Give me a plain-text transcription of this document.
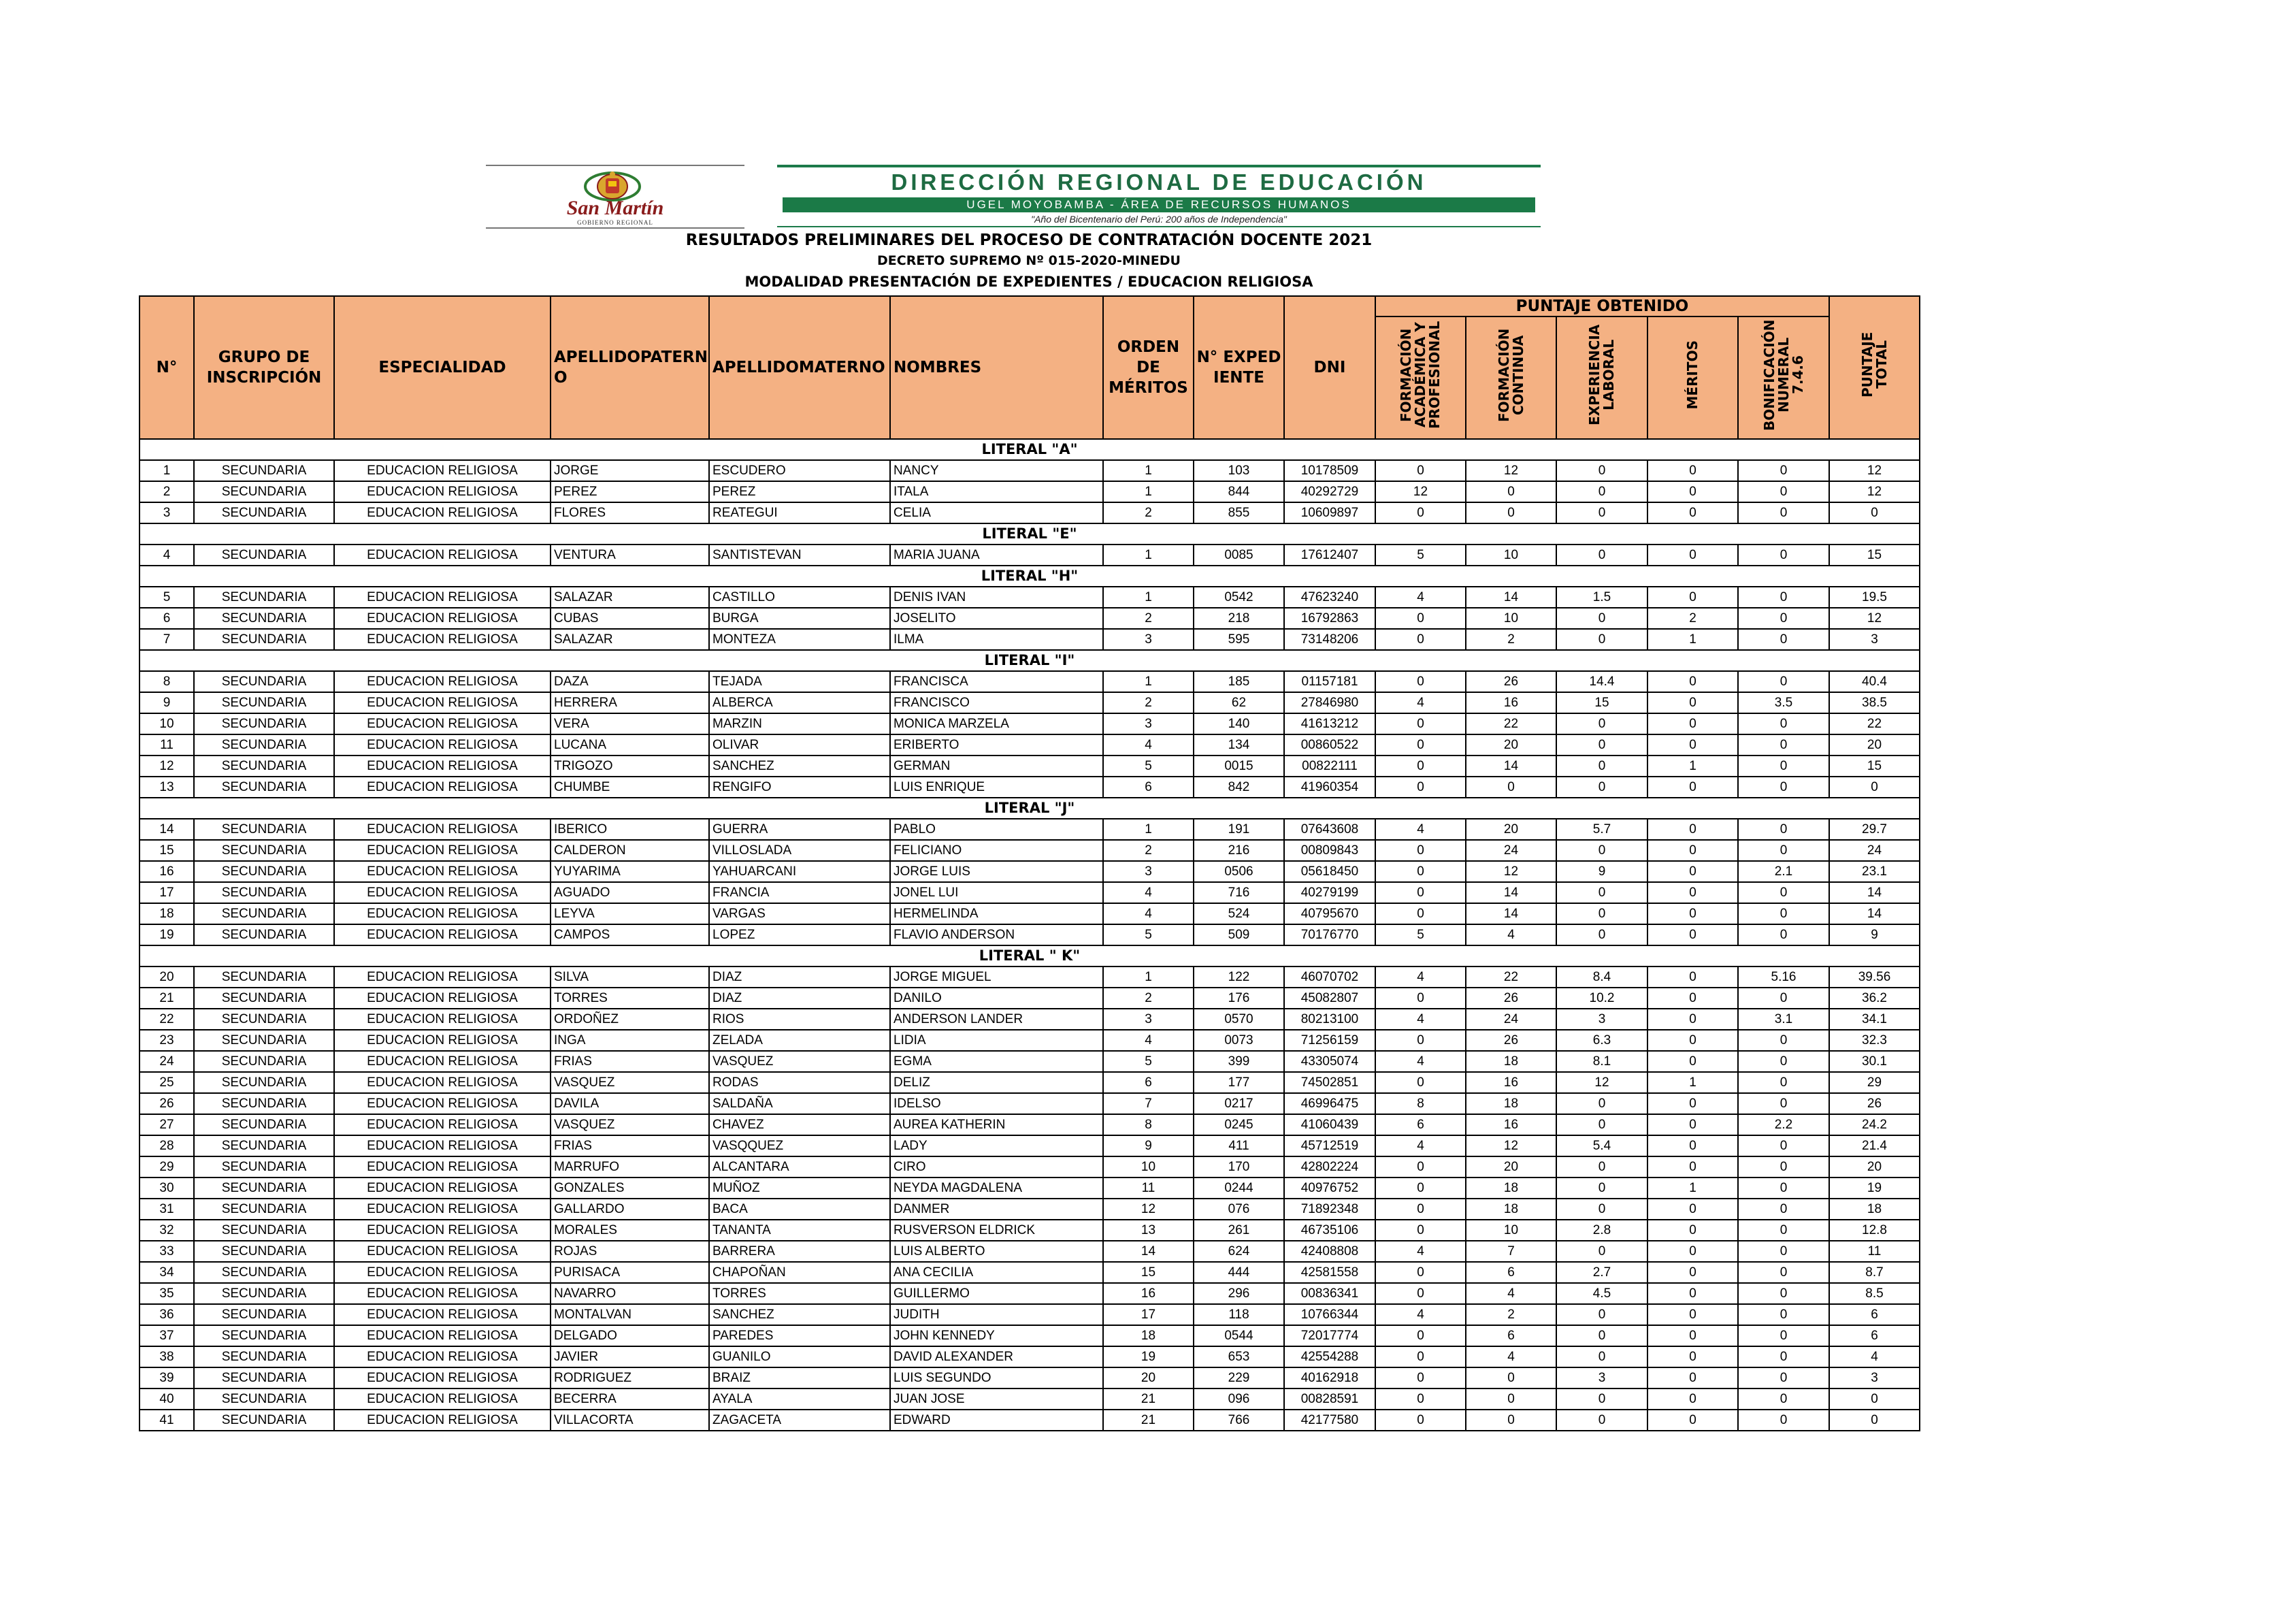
San Martín
GOBIERNO REGIONAL
DIRECCIÓN REGIONAL DE EDUCACIÓN
UGEL MOYOBAMBA - ÁREA DE RECURSOS HUMANOS
"Año del Bicentenario del Perú: 200 años de Independencia"
RESULTADOS PRELIMINARES DEL PROCESO DE CONTRATACIÓN DOCENTE 2021
DECRETO SUPREMO Nº 015-2020-MINEDU
MODALIDAD PRESENTACIÓN DE EXPEDIENTES / EDUCACION RELIGIOSA
N°	GRUPO DE INSCRIPCIÓN	ESPECIALIDAD	APELLIDOPATERNO	APELLIDOMATERNO	NOMBRES	ORDEN DE MÉRITOS	N° EXPEDIENTE	DNI	PUNTAJE OBTENIDO					PUNTAJE TOTAL
									FORMACIÓN ACADÉMICA Y PROFESIONAL	FORMACIÓN CONTINUA	EXPERIENCIA LABORAL	MÉRITOS	BONIFICACIÓN NUMERAL 7.4.6	
LITERAL "A"														
1	SECUNDARIA	EDUCACION RELIGIOSA	JORGE	ESCUDERO	NANCY	1	103	10178509	0	12	0	0	0	12
2	SECUNDARIA	EDUCACION RELIGIOSA	PEREZ	PEREZ	ITALA	1	844	40292729	12	0	0	0	0	12
3	SECUNDARIA	EDUCACION RELIGIOSA	FLORES	REATEGUI	CELIA	2	855	10609897	0	0	0	0	0	0
LITERAL "E"														
4	SECUNDARIA	EDUCACION RELIGIOSA	VENTURA	SANTISTEVAN	MARIA JUANA	1	0085	17612407	5	10	0	0	0	15
LITERAL "H"														
5	SECUNDARIA	EDUCACION RELIGIOSA	SALAZAR	CASTILLO	DENIS IVAN	1	0542	47623240	4	14	1.5	0	0	19.5
6	SECUNDARIA	EDUCACION RELIGIOSA	CUBAS	BURGA	JOSELITO	2	218	16792863	0	10	0	2	0	12
7	SECUNDARIA	EDUCACION RELIGIOSA	SALAZAR	MONTEZA	ILMA	3	595	73148206	0	2	0	1	0	3
LITERAL "I"														
8	SECUNDARIA	EDUCACION RELIGIOSA	DAZA	TEJADA	FRANCISCA	1	185	01157181	0	26	14.4	0	0	40.4
9	SECUNDARIA	EDUCACION RELIGIOSA	HERRERA	ALBERCA	FRANCISCO	2	62	27846980	4	16	15	0	3.5	38.5
10	SECUNDARIA	EDUCACION RELIGIOSA	VERA	MARZIN	MONICA MARZELA	3	140	41613212	0	22	0	0	0	22
11	SECUNDARIA	EDUCACION RELIGIOSA	LUCANA	OLIVAR	ERIBERTO	4	134	00860522	0	20	0	0	0	20
12	SECUNDARIA	EDUCACION RELIGIOSA	TRIGOZO	SANCHEZ	GERMAN	5	0015	00822111	0	14	0	1	0	15
13	SECUNDARIA	EDUCACION RELIGIOSA	CHUMBE	RENGIFO	LUIS ENRIQUE	6	842	41960354	0	0	0	0	0	0
LITERAL "J"														
14	SECUNDARIA	EDUCACION RELIGIOSA	IBERICO	GUERRA	PABLO	1	191	07643608	4	20	5.7	0	0	29.7
15	SECUNDARIA	EDUCACION RELIGIOSA	CALDERON	VILLOSLADA	FELICIANO	2	216	00809843	0	24	0	0	0	24
16	SECUNDARIA	EDUCACION RELIGIOSA	YUYARIMA	YAHUARCANI	JORGE LUIS	3	0506	05618450	0	12	9	0	2.1	23.1
17	SECUNDARIA	EDUCACION RELIGIOSA	AGUADO	FRANCIA	JONEL LUI	4	716	40279199	0	14	0	0	0	14
18	SECUNDARIA	EDUCACION RELIGIOSA	LEYVA	VARGAS	HERMELINDA	4	524	40795670	0	14	0	0	0	14
19	SECUNDARIA	EDUCACION RELIGIOSA	CAMPOS	LOPEZ	FLAVIO ANDERSON	5	509	70176770	5	4	0	0	0	9
LITERAL " K"														
20	SECUNDARIA	EDUCACION RELIGIOSA	SILVA	DIAZ	JORGE MIGUEL	1	122	46070702	4	22	8.4	0	5.16	39.56
21	SECUNDARIA	EDUCACION RELIGIOSA	TORRES	DIAZ	DANILO	2	176	45082807	0	26	10.2	0	0	36.2
22	SECUNDARIA	EDUCACION RELIGIOSA	ORDOÑEZ	RIOS	ANDERSON LANDER	3	0570	80213100	4	24	3	0	3.1	34.1
23	SECUNDARIA	EDUCACION RELIGIOSA	INGA	ZELADA	LIDIA	4	0073	71256159	0	26	6.3	0	0	32.3
24	SECUNDARIA	EDUCACION RELIGIOSA	FRIAS	VASQUEZ	EGMA	5	399	43305074	4	18	8.1	0	0	30.1
25	SECUNDARIA	EDUCACION RELIGIOSA	VASQUEZ	RODAS	DELIZ	6	177	74502851	0	16	12	1	0	29
26	SECUNDARIA	EDUCACION RELIGIOSA	DAVILA	SALDAÑA	IDELSO	7	0217	46996475	8	18	0	0	0	26
27	SECUNDARIA	EDUCACION RELIGIOSA	VASQUEZ	CHAVEZ	AUREA KATHERIN	8	0245	41060439	6	16	0	0	2.2	24.2
28	SECUNDARIA	EDUCACION RELIGIOSA	FRIAS	VASQQUEZ	LADY	9	411	45712519	4	12	5.4	0	0	21.4
29	SECUNDARIA	EDUCACION RELIGIOSA	MARRUFO	ALCANTARA	CIRO	10	170	42802224	0	20	0	0	0	20
30	SECUNDARIA	EDUCACION RELIGIOSA	GONZALES	MUÑOZ	NEYDA MAGDALENA	11	0244	40976752	0	18	0	1	0	19
31	SECUNDARIA	EDUCACION RELIGIOSA	GALLARDO	BACA	DANMER	12	076	71892348	0	18	0	0	0	18
32	SECUNDARIA	EDUCACION RELIGIOSA	MORALES	TANANTA	RUSVERSON ELDRICK	13	261	46735106	0	10	2.8	0	0	12.8
33	SECUNDARIA	EDUCACION RELIGIOSA	ROJAS	BARRERA	LUIS ALBERTO	14	624	42408808	4	7	0	0	0	11
34	SECUNDARIA	EDUCACION RELIGIOSA	PURISACA	CHAPOÑAN	ANA CECILIA	15	444	42581558	0	6	2.7	0	0	8.7
35	SECUNDARIA	EDUCACION RELIGIOSA	NAVARRO	TORRES	GUILLERMO	16	296	00836341	0	4	4.5	0	0	8.5
36	SECUNDARIA	EDUCACION RELIGIOSA	MONTALVAN	SANCHEZ	JUDITH	17	118	10766344	4	2	0	0	0	6
37	SECUNDARIA	EDUCACION RELIGIOSA	DELGADO	PAREDES	JOHN KENNEDY	18	0544	72017774	0	6	0	0	0	6
38	SECUNDARIA	EDUCACION RELIGIOSA	JAVIER	GUANILO	DAVID ALEXANDER	19	653	42554288	0	4	0	0	0	4
39	SECUNDARIA	EDUCACION RELIGIOSA	RODRIGUEZ	BRAIZ	LUIS SEGUNDO	20	229	40162918	0	0	3	0	0	3
40	SECUNDARIA	EDUCACION RELIGIOSA	BECERRA	AYALA	JUAN JOSE	21	096	00828591	0	0	0	0	0	0
41	SECUNDARIA	EDUCACION RELIGIOSA	VILLACORTA	ZAGACETA	EDWARD	21	766	42177580	0	0	0	0	0	0
